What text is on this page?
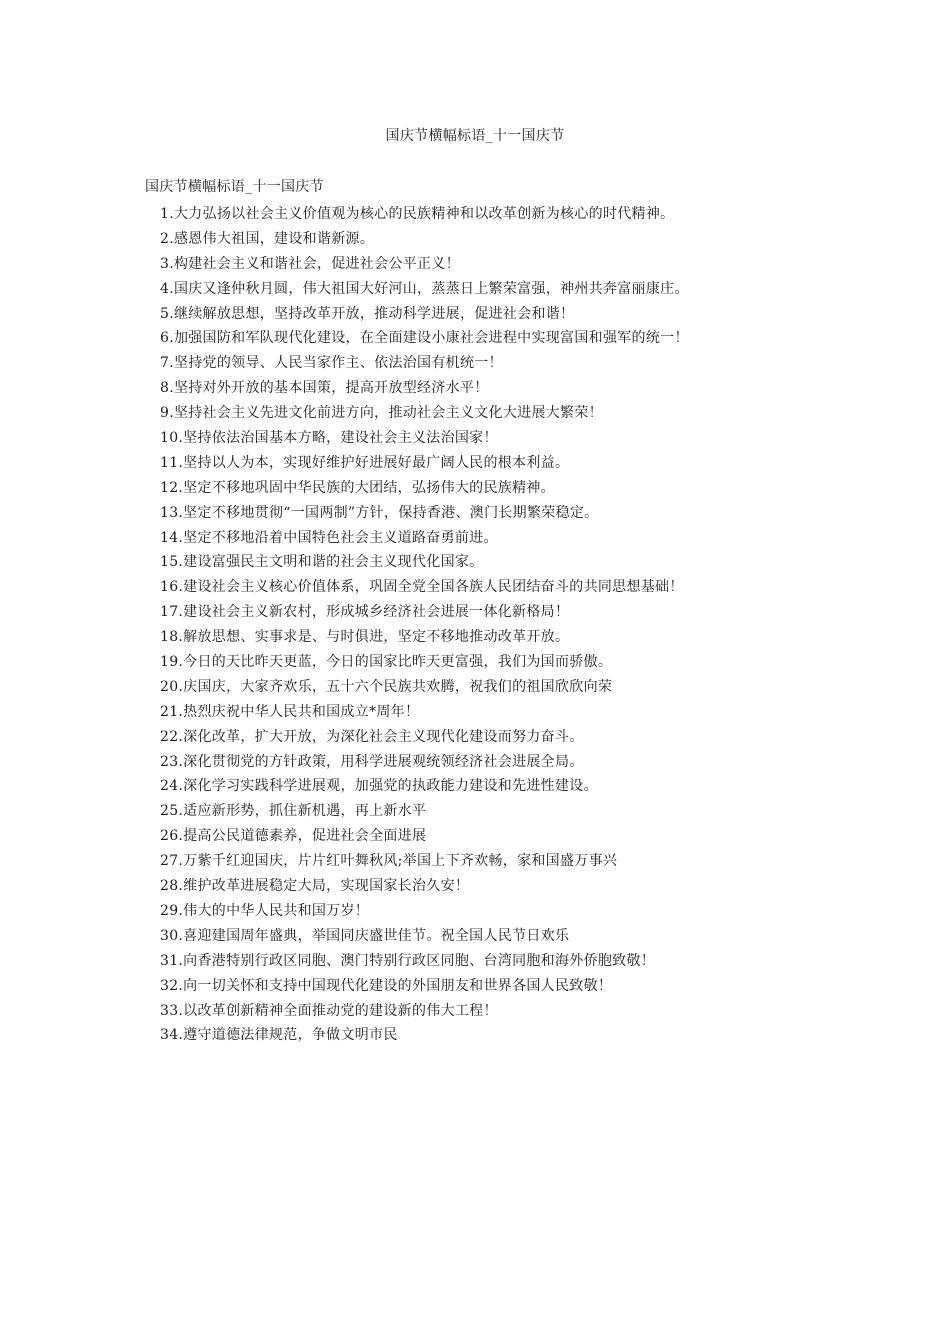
国庆节横幅标语_十一国庆节
国庆节横幅标语_十一国庆节
1.大力弘扬以社会主义价值观为核心的民族精神和以改革创新为核心的时代精神。
2.感恩伟大祖国，建设和谐新源。
3.构建社会主义和谐社会，促进社会公平正义！
4.国庆又逢仲秋月圆，伟大祖国大好河山，蒸蒸日上繁荣富强，神州共奔富丽康庄。
5.继续解放思想，坚持改革开放，推动科学进展，促进社会和谐！
6.加强国防和军队现代化建设，在全面建设小康社会进程中实现富国和强军的统一！
7.坚持党的领导、人民当家作主、依法治国有机统一！
8.坚持对外开放的基本国策，提高开放型经济水平！
9.坚持社会主义先进文化前进方向，推动社会主义文化大进展大繁荣！
10.坚持依法治国基本方略，建设社会主义法治国家！
11.坚持以人为本，实现好维护好进展好最广阔人民的根本利益。
12.坚定不移地巩固中华民族的大团结，弘扬伟大的民族精神。
13.坚定不移地贯彻“一国两制”方针，保持香港、澳门长期繁荣稳定。
14.坚定不移地沿着中国特色社会主义道路奋勇前进。
15.建设富强民主文明和谐的社会主义现代化国家。
16.建设社会主义核心价值体系，巩固全党全国各族人民团结奋斗的共同思想基础！
17.建设社会主义新农村，形成城乡经济社会进展一体化新格局！
18.解放思想、实事求是、与时俱进，坚定不移地推动改革开放。
19.今日的天比昨天更蓝，今日的国家比昨天更富强，我们为国而骄傲。
20.庆国庆，大家齐欢乐，五十六个民族共欢腾，祝我们的祖国欣欣向荣
21.热烈庆祝中华人民共和国成立*周年！
22.深化改革，扩大开放，为深化社会主义现代化建设而努力奋斗。
23.深化贯彻党的方针政策，用科学进展观统领经济社会进展全局。
24.深化学习实践科学进展观，加强党的执政能力建设和先进性建设。
25.适应新形势，抓住新机遇，再上新水平
26.提高公民道德素养，促进社会全面进展
27.万紫千红迎国庆，片片红叶舞秋风;举国上下齐欢畅，家和国盛万事兴
28.维护改革进展稳定大局，实现国家长治久安！
29.伟大的中华人民共和国万岁！
30.喜迎建国周年盛典，举国同庆盛世佳节。祝全国人民节日欢乐
31.向香港特别行政区同胞、澳门特别行政区同胞、台湾同胞和海外侨胞致敬！
32.向一切关怀和支持中国现代化建设的外国朋友和世界各国人民致敬！
33.以改革创新精神全面推动党的建设新的伟大工程！
34.遵守道德法律规范，争做文明市民
